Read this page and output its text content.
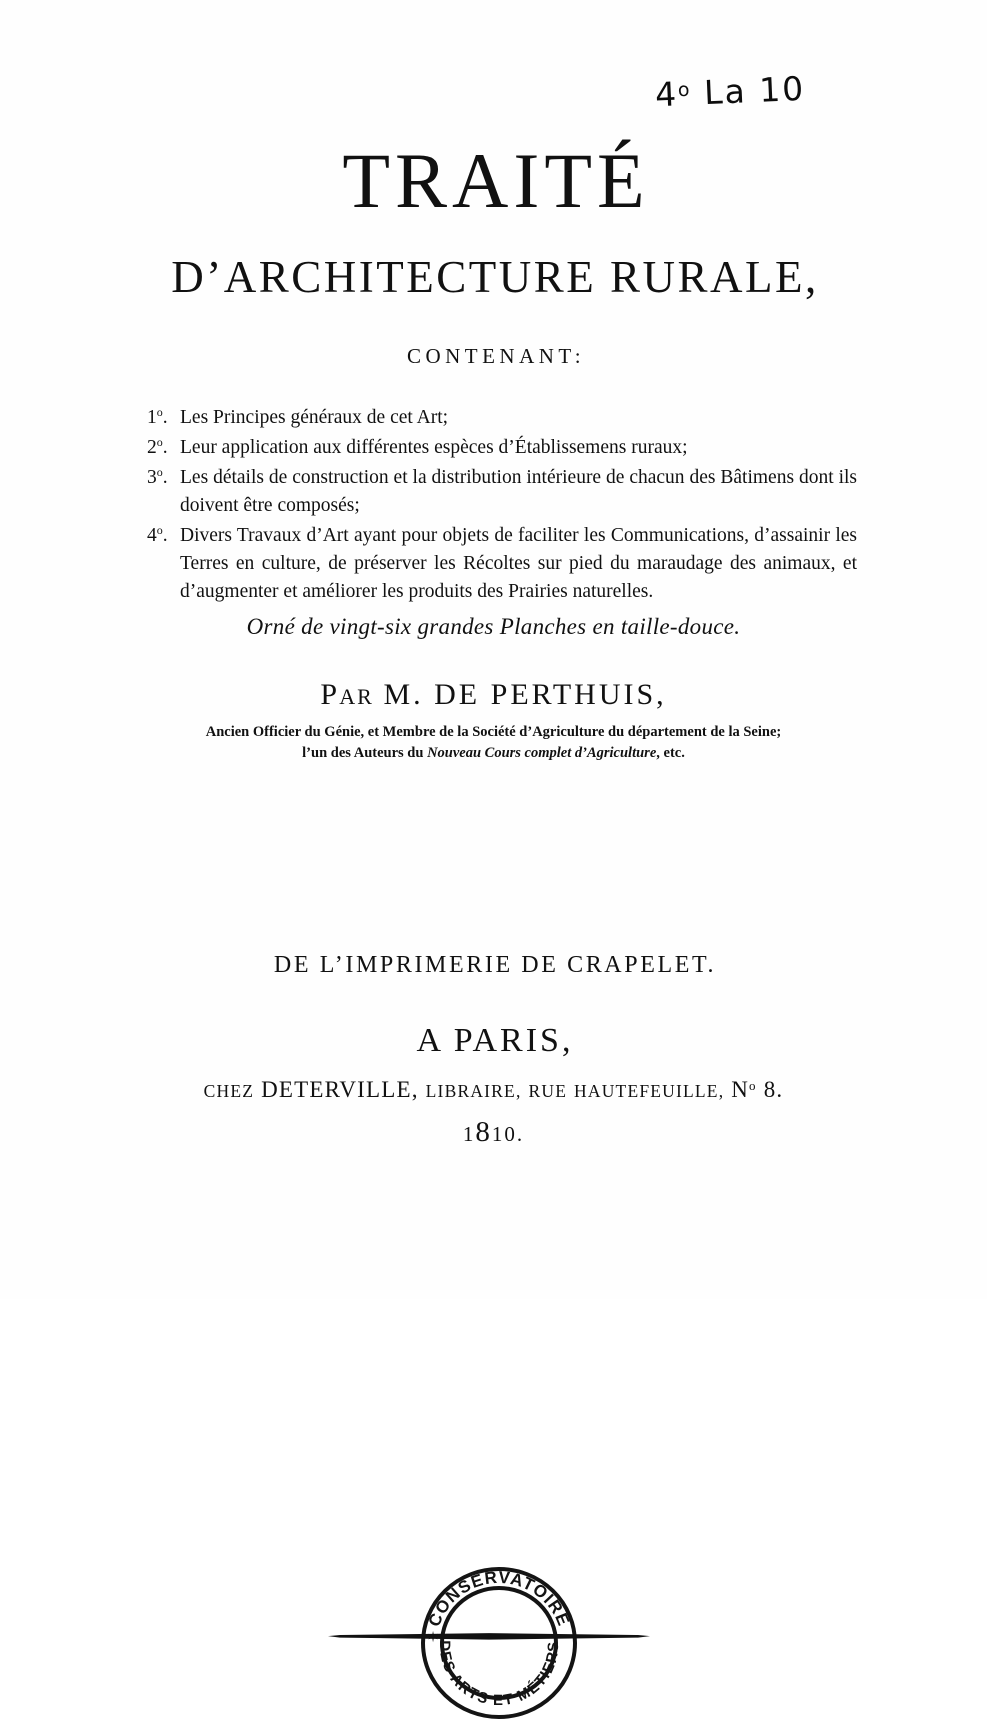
4$^o$ La 10
TRAITÉ
D’ARCHITECTURE RURALE,
CONTENANT:
1$^o$. Les Principes généraux de cet Art;
2$^o$. Leur application aux différentes espèces d’Établissemens ruraux;
3$^o$. Les détails de construction et la distribution intérieure de chacun des Bâtimens dont ils doivent être composés;
4$^o$. Divers Travaux d’Art ayant pour objets de faciliter les Communications, d’assainir les Terres en culture, de préserver les Récoltes sur pied du maraudage des animaux, et d’augmenter et améliorer les produits des Prairies naturelles.
Orné de vingt-six grandes Planches en taille-douce.
PAR M. DE PERTHUIS,
Ancien Officier du Génie, et Membre de la Société d’Agriculture du département de la Seine;
l’un des Auteurs du Nouveau Cours complet d’Agriculture, etc.
CONSERVATOIRE
DES ARTS ET MÉTIERS
DE L’IMPRIMERIE DE CRAPELET.
A PARIS,
CHEZ DETERVILLE, LIBRAIRE, RUE HAUTEFEUILLE, $N^o$ 8.
1810.
